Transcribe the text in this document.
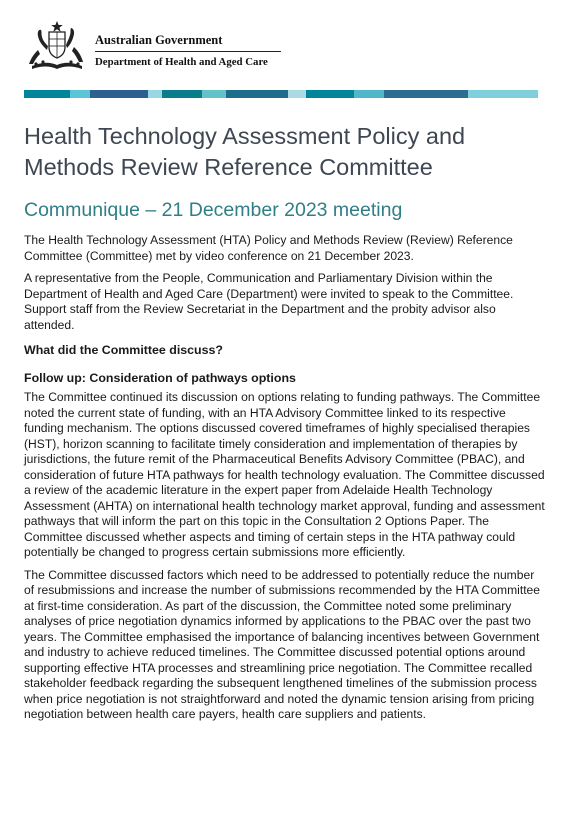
Australian Government
Department of Health and Aged Care
Health Technology Assessment Policy and Methods Review Reference Committee
Communique – 21 December 2023 meeting

The Health Technology Assessment (HTA) Policy and Methods Review (Review) Reference Committee (Committee) met by video conference on 21 December 2023.

A representative from the People, Communication and Parliamentary Division within the Department of Health and Aged Care (Department) were invited to speak to the Committee. Support staff from the Review Secretariat in the Department and the probity advisor also attended.

What did the Committee discuss?
Follow up: Consideration of pathways options

The Committee continued its discussion on options relating to funding pathways. The Committee noted the current state of funding, with an HTA Advisory Committee linked to its respective funding mechanism. The options discussed covered timeframes of highly specialised therapies (HST), horizon scanning to facilitate timely consideration and implementation of therapies by jurisdictions, the future remit of the Pharmaceutical Benefits Advisory Committee (PBAC), and consideration of future HTA pathways for health technology evaluation. The Committee discussed a review of the academic literature in the expert paper from Adelaide Health Technology Assessment (AHTA) on international health technology market approval, funding and assessment pathways that will inform the part on this topic in the Consultation 2 Options Paper. The Committee discussed whether aspects and timing of certain steps in the HTA pathway could potentially be changed to progress certain submissions more efficiently.

The Committee discussed factors which need to be addressed to potentially reduce the number of resubmissions and increase the number of submissions recommended by the HTA Committee at first-time consideration. As part of the discussion, the Committee noted some preliminary analyses of price negotiation dynamics informed by applications to the PBAC over the past two years. The Committee emphasised the importance of balancing incentives between Government and industry to achieve reduced timelines. The Committee discussed potential options around supporting effective HTA processes and streamlining price negotiation. The Committee recalled stakeholder feedback regarding the subsequent lengthened timelines of the submission process when price negotiation is not straightforward and noted the dynamic tension arising from pricing negotiation between health care payers, health care suppliers and patients.
